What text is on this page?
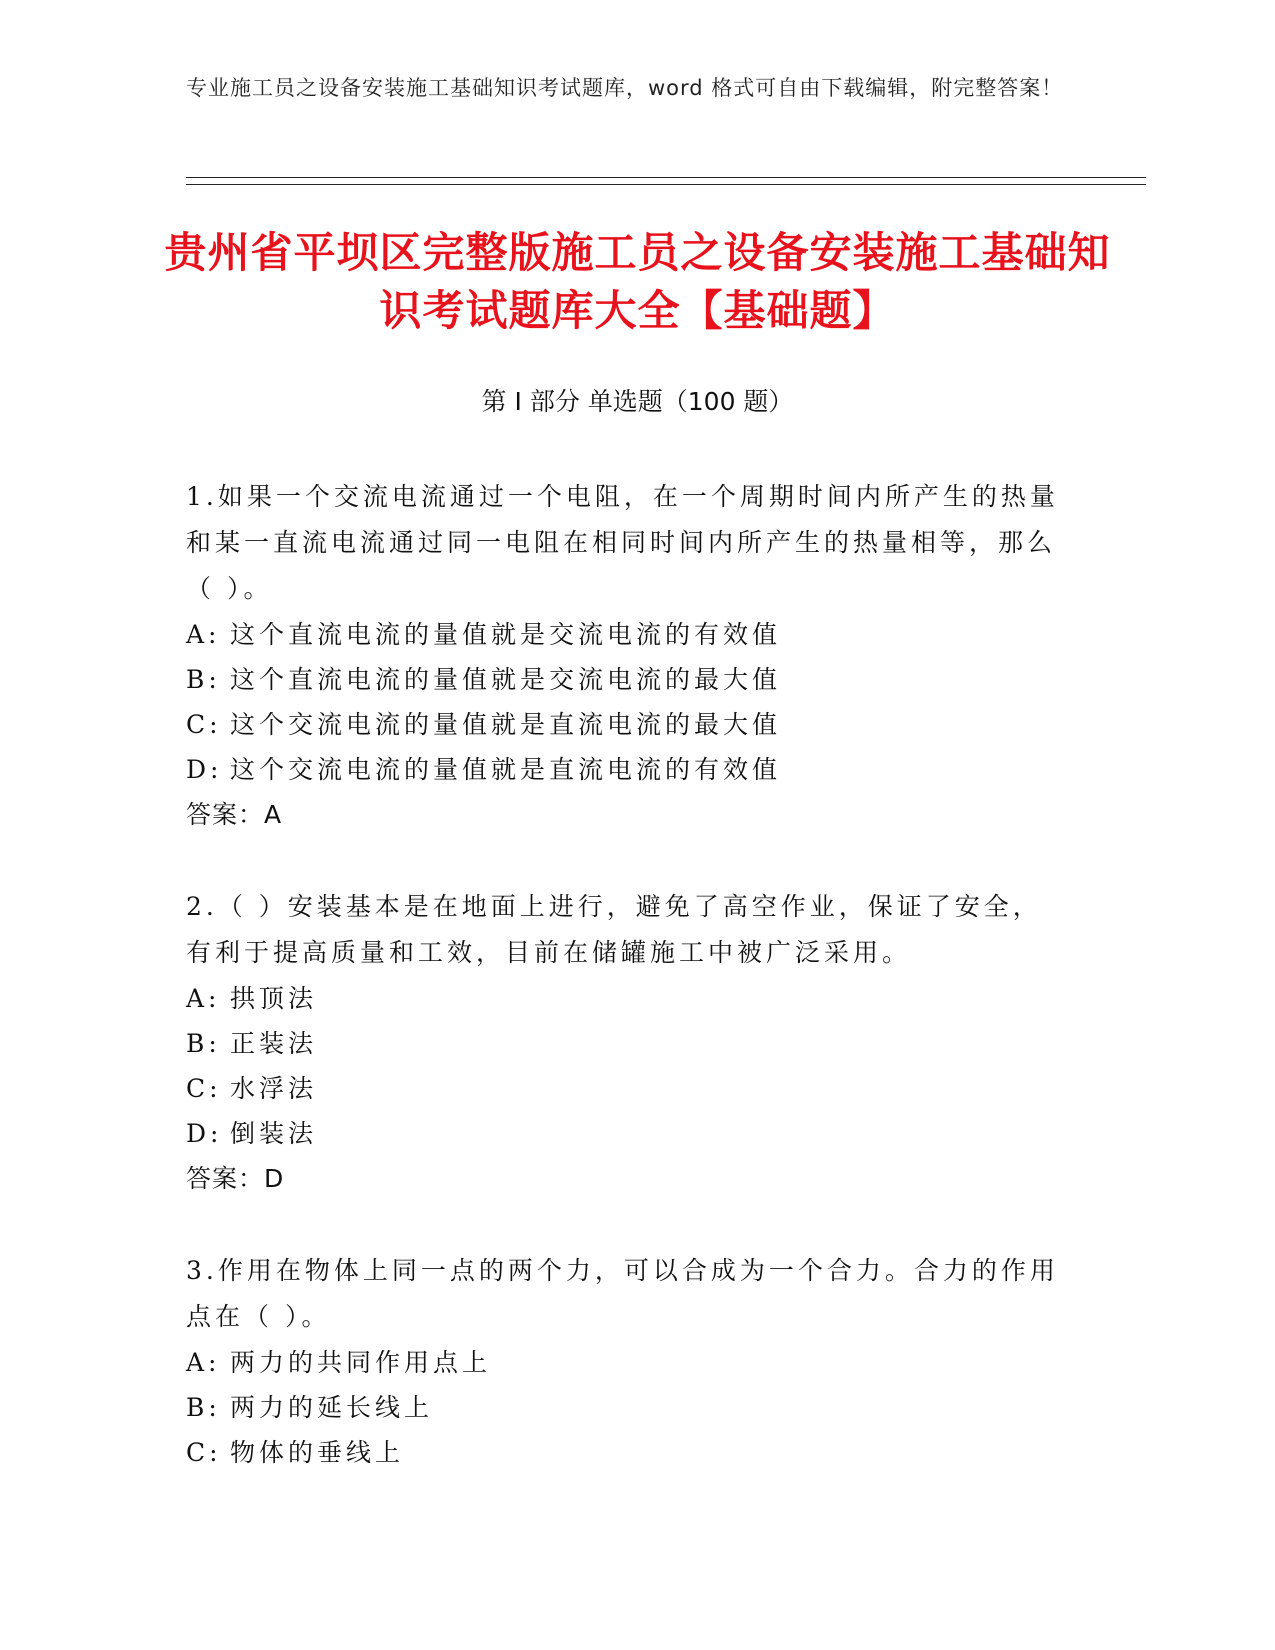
专业施工员之设备安装施工基础知识考试题库，word 格式可自由下载编辑，附完整答案！
贵州省平坝区完整版施工员之设备安装施工基础知识考试题库大全【基础题】
第 I 部分 单选题（100 题）
1.如果一个交流电流通过一个电阻，在一个周期时间内所产生的热量和某一直流电流通过同一电阻在相同时间内所产生的热量相等，那么（ ）。
A: 这个直流电流的量值就是交流电流的有效值
B: 这个直流电流的量值就是交流电流的最大值
C: 这个交流电流的量值就是直流电流的最大值
D: 这个交流电流的量值就是直流电流的有效值
答案：A
2.（ ）安装基本是在地面上进行，避免了高空作业，保证了安全，有利于提高质量和工效，目前在储罐施工中被广泛采用。
A: 拱顶法
B: 正装法
C: 水浮法
D: 倒装法
答案：D
3.作用在物体上同一点的两个力，可以合成为一个合力。合力的作用点在（ ）。
A: 两力的共同作用点上
B: 两力的延长线上
C: 物体的垂线上
